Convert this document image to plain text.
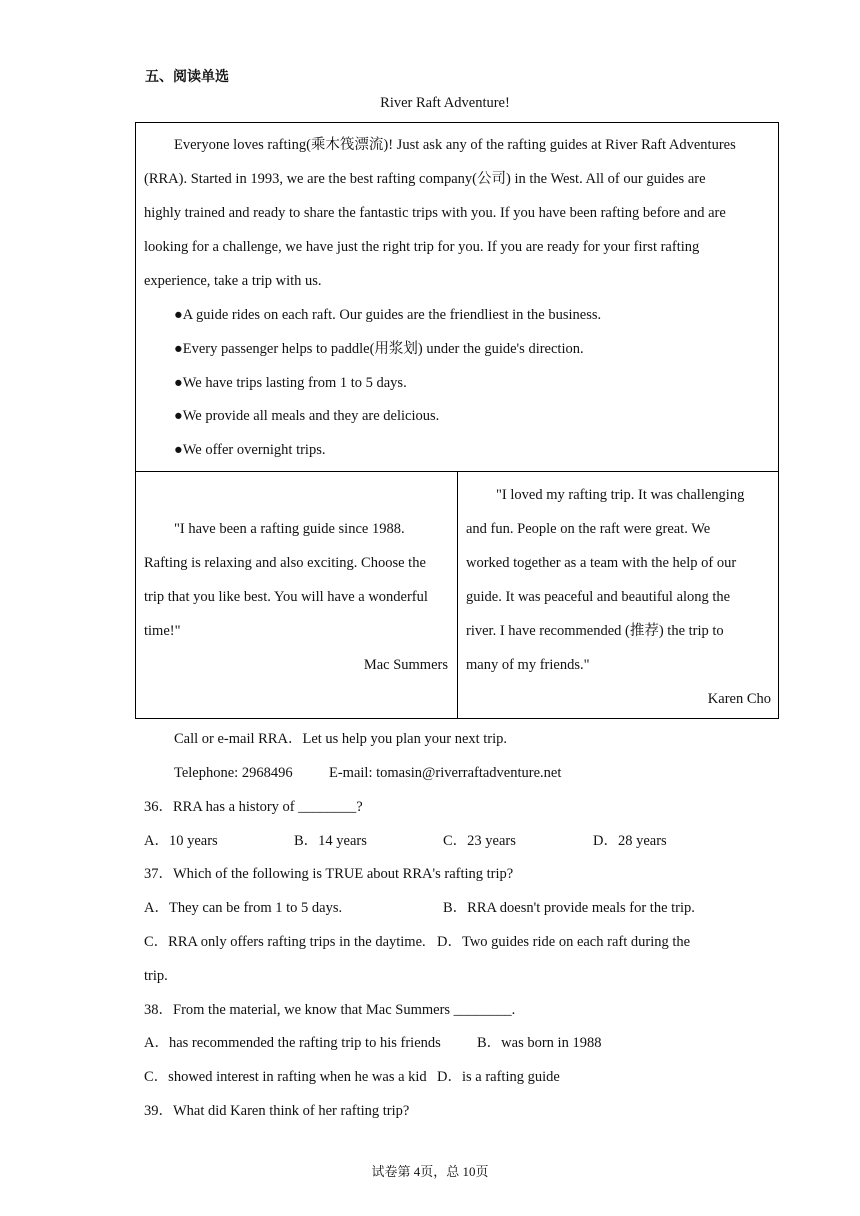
五、阅读单选
River Raft Adventure!
Everyone loves rafting(乘木筏漂流)! Just ask any of the rafting guides at River Raft Adventures
(RRA). Started in 1993, we are the best rafting company(公司) in the West. All of our guides are
highly trained and ready to share the fantastic trips with you. If you have been rafting before and are
looking for a challenge, we have just the right trip for you. If you are ready for your first rafting
experience, take a trip with us.
●A guide rides on each raft. Our guides are the friendliest in the business.
●Every passenger helps to paddle(用浆划) under the guide's direction.
●We have trips lasting from 1 to 5 days.
●We provide all meals and they are delicious.
●We offer overnight trips.
"I have been a rafting guide since 1988.
Rafting is relaxing and also exciting. Choose the
trip that you like best. You will have a wonderful
time!"
Mac Summers
"I loved my rafting trip. It was challenging
and fun. People on the raft were great. We
worked together as a team with the help of our
guide. It was peaceful and beautiful along the
river. I have recommended (推荐) the trip to
many of my friends."
Karen Cho
Call or e-mail RRA．Let us help you plan your next trip.
Telephone: 2968496	E-mail: tomasin@riverraftadventure.net
36．RRA has a history of ________?
A．10 years	B．14 years	C．23 years	D．28 years
37．Which of the following is TRUE about RRA's rafting trip?
A．They can be from 1 to 5 days.	B．RRA doesn't provide meals for the trip.
C．RRA only offers rafting trips in the daytime. D．Two guides ride on each raft during the
trip.
38．From the material, we know that Mac Summers ________.
A．has recommended the rafting trip to his friends B．was born in 1988
C．showed interest in rafting when he was a kid D．is a rafting guide
39．What did Karen think of her rafting trip?
试卷第 4页，总 10页
